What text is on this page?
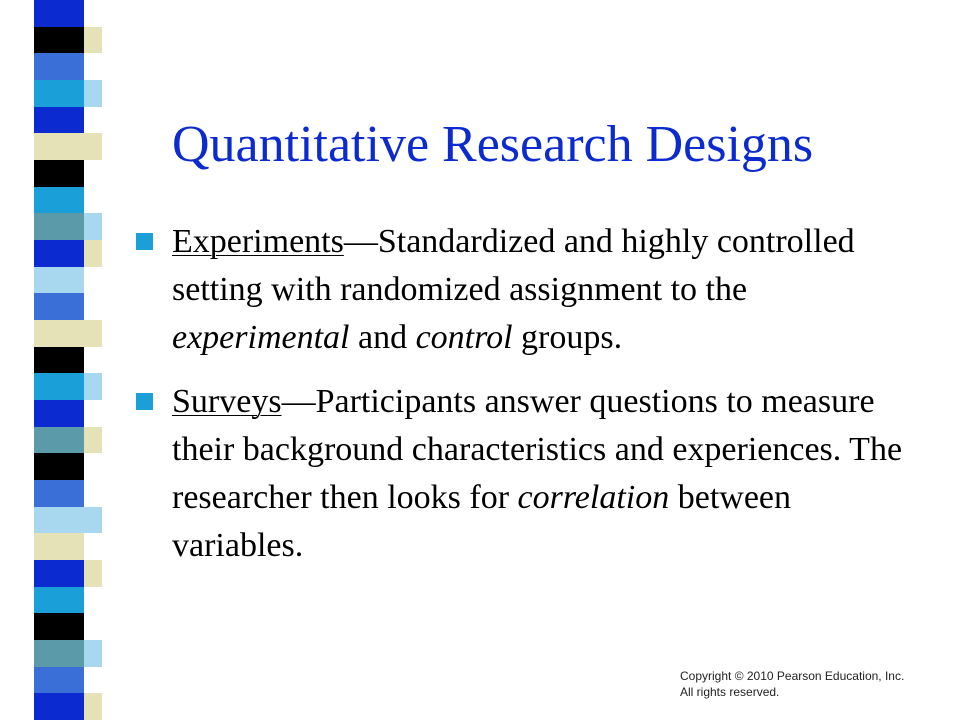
Quantitative Research Designs
Experiments—Standardized and highly controlled setting with randomized assignment to the experimental and control groups.
Surveys—Participants answer questions to measure their background characteristics and experiences. The researcher then looks for correlation between variables.
Copyright © 2010 Pearson Education, Inc.
All rights reserved.
